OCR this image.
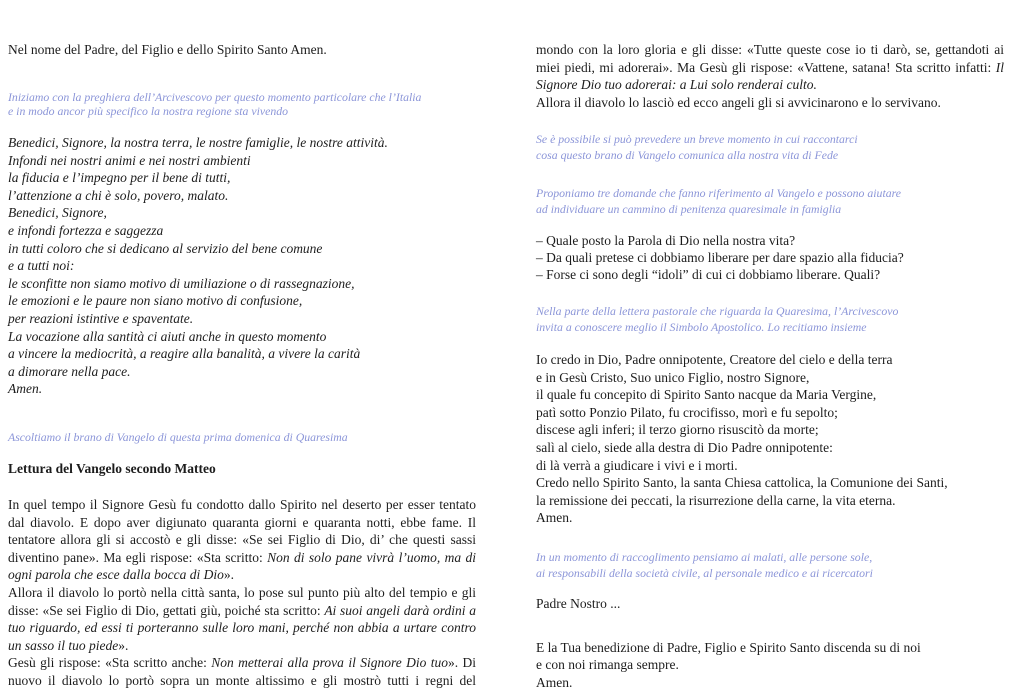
Nel nome del Padre, del Figlio e dello Spirito Santo Amen.
Iniziamo con la preghiera dell’Arcivescovo per questo momento particolare che l’Italia
e in modo ancor più specifico la nostra regione sta vivendo
Benedici, Signore, la nostra terra, le nostre famiglie, le nostre attività.
Infondi nei nostri animi e nei nostri ambienti
la fiducia e l’impegno per il bene di tutti,
l’attenzione a chi è solo, povero, malato.
Benedici, Signore,
e infondi fortezza e saggezza
in tutti coloro che si dedicano al servizio del bene comune
e a tutti noi:
le sconfitte non siamo motivo di umiliazione o di rassegnazione,
le emozioni e le paure non siano motivo di confusione,
per reazioni istintive e spaventate.
La vocazione alla santità ci aiuti anche in questo momento
a vincere la mediocrità, a reagire alla banalità, a vivere la carità
a dimorare nella pace.
Amen.
Ascoltiamo il brano di Vangelo di questa prima domenica di Quaresima
Lettura del Vangelo secondo Matteo
In quel tempo il Signore Gesù fu condotto dallo Spirito nel deserto per esser tentato
dal diavolo. E dopo aver digiunato quaranta giorni e quaranta notti, ebbe fame. Il
tentatore allora gli si accostò e gli disse: «Se sei Figlio di Dio, di’ che questi sassi
diventino pane». Ma egli rispose: «Sta scritto: Non di solo pane vivrà l’uomo, ma di
ogni parola che esce dalla bocca di Dio».
Allora il diavolo lo portò nella città santa, lo pose sul punto più alto del tempio e gli
disse: «Se sei Figlio di Dio, gettati giù, poiché sta scritto: Ai suoi angeli darà ordini a
tuo riguardo, ed essi ti porteranno sulle loro mani, perché non abbia a urtare contro
un sasso il tuo piede».
Gesù gli rispose: «Sta scritto anche: Non metterai alla prova il Signore Dio tuo». Di
nuovo il diavolo lo portò sopra un monte altissimo e gli mostrò tutti i regni del
mondo con la loro gloria e gli disse: «Tutte queste cose io ti darò, se, gettandoti ai
miei piedi, mi adorerai». Ma Gesù gli rispose: «Vattene, satana! Sta scritto infatti: Il
Signore Dio tuo adorerai: a Lui solo renderai culto.
Allora il diavolo lo lasciò ed ecco angeli gli si avvicinarono e lo servivano.
Se è possibile si può prevedere un breve momento in cui raccontarci
cosa questo brano di Vangelo comunica alla nostra vita di Fede
Proponiamo tre domande che fanno riferimento al Vangelo e possono aiutare
ad individuare un cammino di penitenza quaresimale in famiglia
– Quale posto la Parola di Dio nella nostra vita?
– Da quali pretese ci dobbiamo liberare per dare spazio alla fiducia?
– Forse ci sono degli “idoli” di cui ci dobbiamo liberare. Quali?
Nella parte della lettera pastorale che riguarda la Quaresima, l’Arcivescovo
invita a conoscere meglio il Simbolo Apostolico. Lo recitiamo insieme
Io credo in Dio, Padre onnipotente, Creatore del cielo e della terra
e in Gesù Cristo, Suo unico Figlio, nostro Signore,
il quale fu concepito di Spirito Santo nacque da Maria Vergine,
patì sotto Ponzio Pilato, fu crocifisso, morì e fu sepolto;
discese agli inferi; il terzo giorno risuscitò da morte;
salì al cielo, siede alla destra di Dio Padre onnipotente:
di là verrà a giudicare i vivi e i morti.
Credo nello Spirito Santo, la santa Chiesa cattolica, la Comunione dei Santi,
la remissione dei peccati, la risurrezione della carne, la vita eterna.
Amen.
In un momento di raccoglimento pensiamo ai malati, alle persone sole,
ai responsabili della società civile, al personale medico e ai ricercatori
Padre Nostro ...
E la Tua benedizione di Padre, Figlio e Spirito Santo discenda su di noi
e con noi rimanga sempre.
Amen.
